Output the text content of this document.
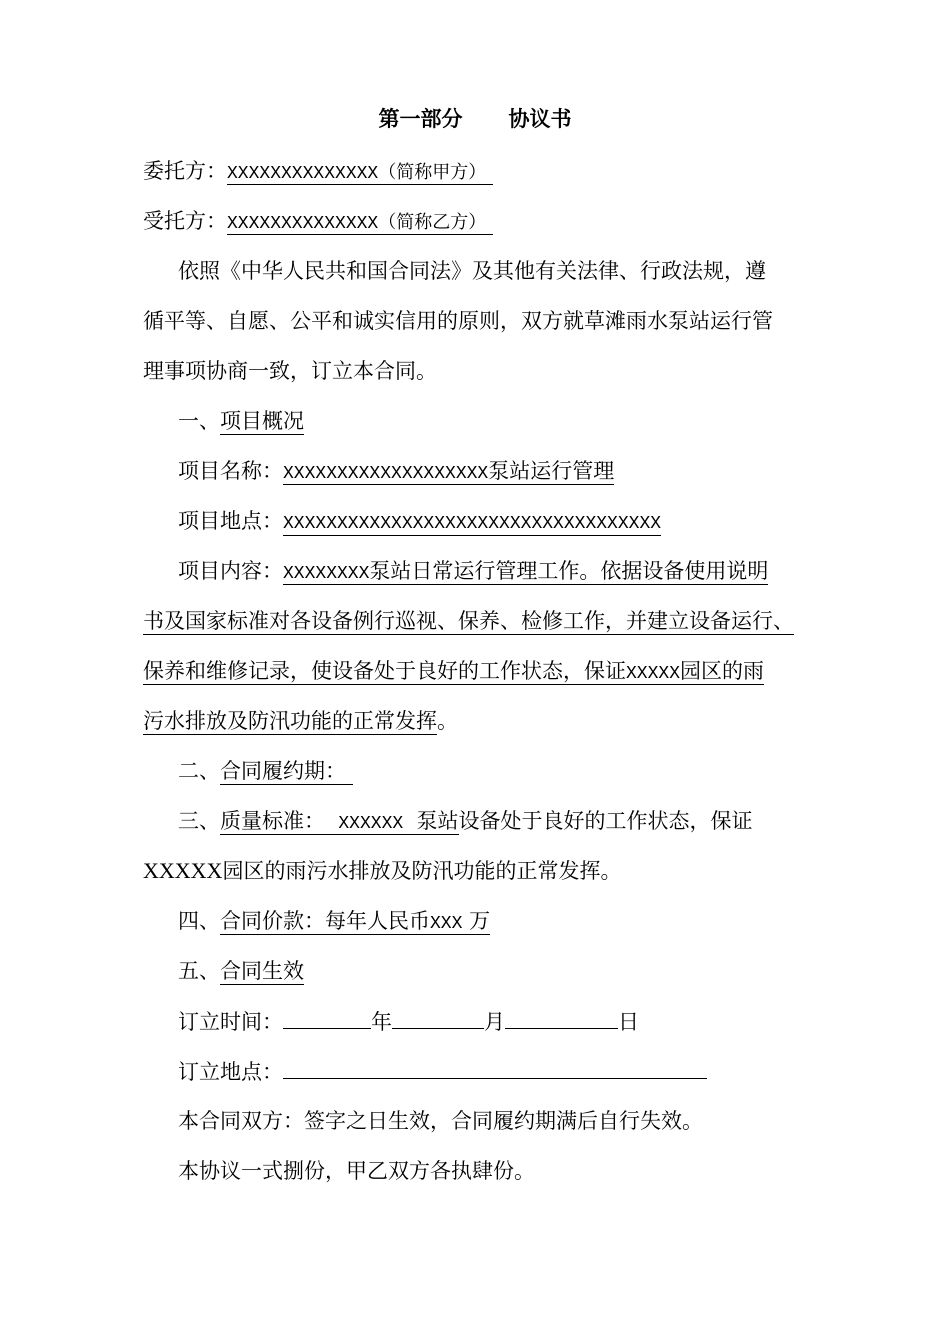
第一部分 协议书
委托方：XXXXXXXXXXXXXX（简称甲方）
受托方：XXXXXXXXXXXXXX（简称乙方）
依照《中华人民共和国合同法》及其他有关法律、行政法规，遵
循平等、自愿、公平和诚实信用的原则，双方就草滩雨水泵站运行管
理事项协商一致，订立本合同。
一、项目概况
项目名称：XXXXXXXXXXXXXXXXXXX泵站运行管理
项目地点：XXXXXXXXXXXXXXXXXXXXXXXXXXXXXXXXXXX
项目内容：XXXXXXXX泵站日常运行管理工作。依据设备使用说明
书及国家标准对各设备例行巡视、保养、检修工作，并建立设备运行、
保养和维修记录，使设备处于良好的工作状态，保证XXXXX园区的雨
污水排放及防汛功能的正常发挥。
二、合同履约期：
三、质量标准： XXXXXX 泵站设备处于良好的工作状态，保证
XXXXX园区的雨污水排放及防汛功能的正常发挥。
四、合同价款：每年人民币XXX 万
五、合同生效
订立时间：	年	月	日
订立地点：
本合同双方：签字之日生效，合同履约期满后自行失效。
本协议一式捌份，甲乙双方各执肆份。
